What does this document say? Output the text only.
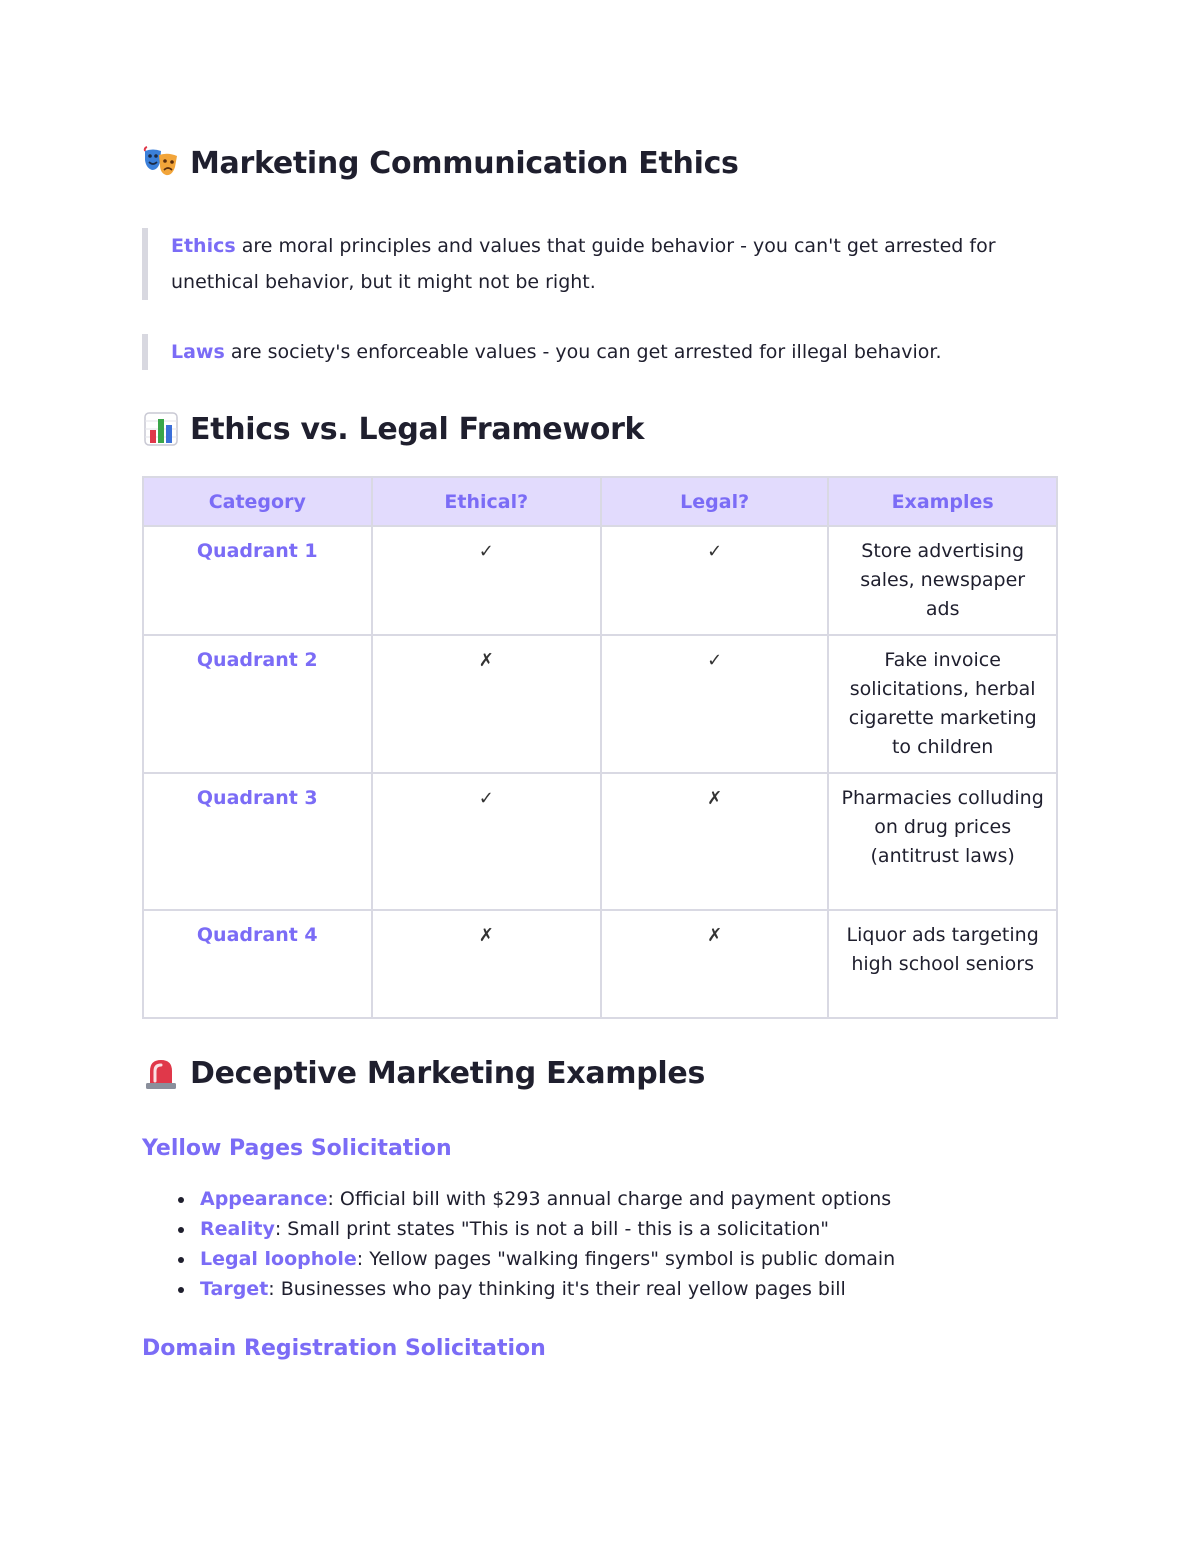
Marketing Communication Ethics
Ethics are moral principles and values that guide behavior - you can't get arrested for unethical behavior, but it might not be right.
Laws are society's enforceable values - you can get arrested for illegal behavior.
Ethics vs. Legal Framework
Category	Ethical?	Legal?	Examples
Quadrant 1	✓	✓	Store advertising sales, newspaper ads
Quadrant 2	✗	✓	Fake invoice solicitations, herbal cigarette marketing to children
Quadrant 3	✓	✗	Pharmacies colluding on drug prices (antitrust laws)
Quadrant 4	✗	✗	Liquor ads targeting high school seniors
Deceptive Marketing Examples
Yellow Pages Solicitation
Appearance: Official bill with $293 annual charge and payment options
Reality: Small print states "This is not a bill - this is a solicitation"
Legal loophole: Yellow pages "walking fingers" symbol is public domain
Target: Businesses who pay thinking it's their real yellow pages bill
Domain Registration Solicitation
